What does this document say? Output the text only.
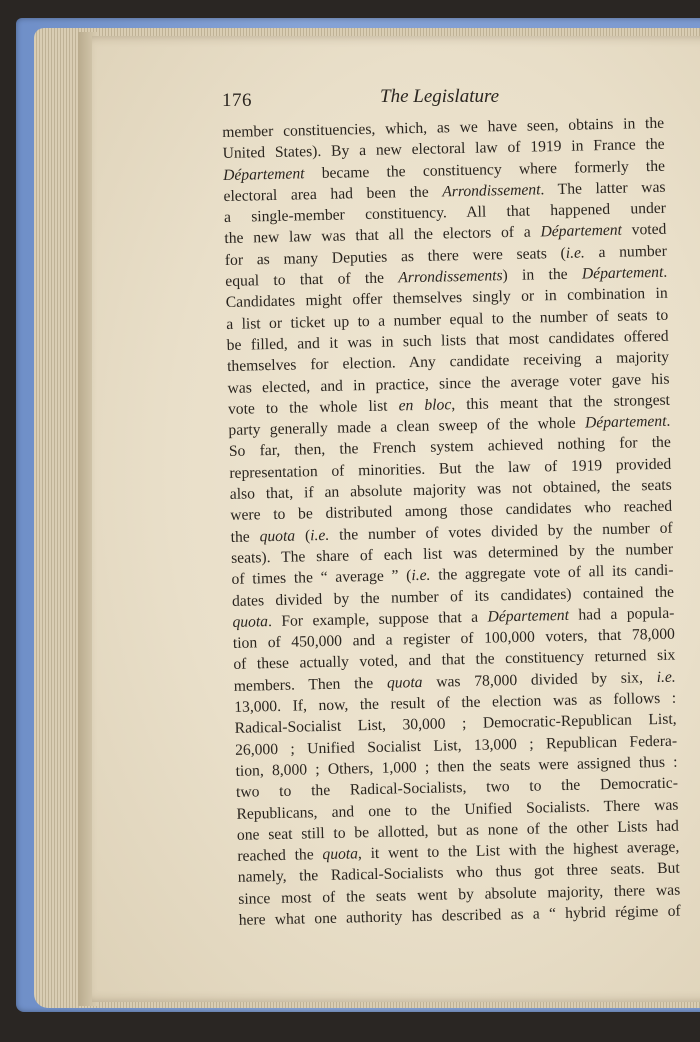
176	The Legislature
member constituencies, which, as we have seen, obtains in the
United States). By a new electoral law of 1919 in France the
Département became the constituency where formerly the
electoral area had been the Arrondissement. The latter was
a single-member constituency. All that happened under
the new law was that all the electors of a Département voted
for as many Deputies as there were seats (i.e. a number
equal to that of the Arrondissements) in the Département.
Candidates might offer themselves singly or in combination in
a list or ticket up to a number equal to the number of seats to
be filled, and it was in such lists that most candidates offered
themselves for election. Any candidate receiving a majority
was elected, and in practice, since the average voter gave his
vote to the whole list en bloc, this meant that the strongest
party generally made a clean sweep of the whole Département.
So far, then, the French system achieved nothing for the
representation of minorities. But the law of 1919 provided
also that, if an absolute majority was not obtained, the seats
were to be distributed among those candidates who reached
the quota (i.e. the number of votes divided by the number of
seats). The share of each list was determined by the number
of times the “ average ” (i.e. the aggregate vote of all its candi-
dates divided by the number of its candidates) contained the
quota. For example, suppose that a Département had a popula-
tion of 450,000 and a register of 100,000 voters, that 78,000
of these actually voted, and that the constituency returned six
members. Then the quota was 78,000 divided by six, i.e.
13,000. If, now, the result of the election was as follows :
Radical-Socialist List, 30,000 ; Democratic-Republican List,
26,000 ; Unified Socialist List, 13,000 ; Republican Federa-
tion, 8,000 ; Others, 1,000 ; then the seats were assigned thus :
two to the Radical-Socialists, two to the Democratic-
Republicans, and one to the Unified Socialists. There was
one seat still to be allotted, but as none of the other Lists had
reached the quota, it went to the List with the highest average,
namely, the Radical-Socialists who thus got three seats. But
since most of the seats went by absolute majority, there was
here what one authority has described as a “ hybrid régime of
